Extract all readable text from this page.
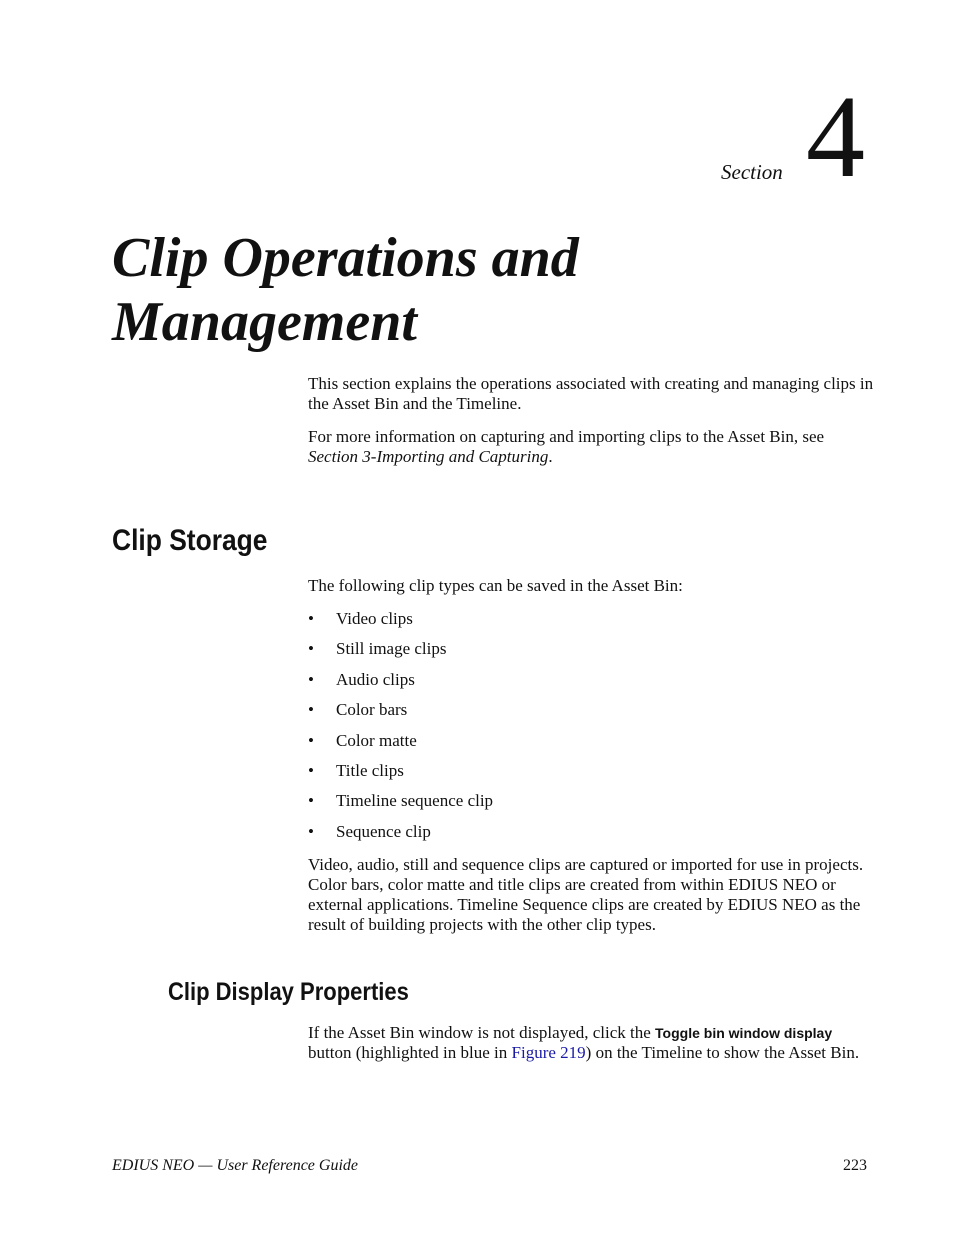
Section 4
Clip Operations and Management
This section explains the operations associated with creating and managing clips in the Asset Bin and the Timeline.
For more information on capturing and importing clips to the Asset Bin, see Section 3-Importing and Capturing.
Clip Storage
The following clip types can be saved in the Asset Bin:
• Video clips
• Still image clips
• Audio clips
• Color bars
• Color matte
• Title clips
• Timeline sequence clip
• Sequence clip
Video, audio, still and sequence clips are captured or imported for use in projects. Color bars, color matte and title clips are created from within EDIUS NEO or external applications. Timeline Sequence clips are created by EDIUS NEO as the result of building projects with the other clip types.
Clip Display Properties
If the Asset Bin window is not displayed, click the Toggle bin window display button (highlighted in blue in Figure 219) on the Timeline to show the Asset Bin.
EDIUS NEO — User Reference Guide	223
